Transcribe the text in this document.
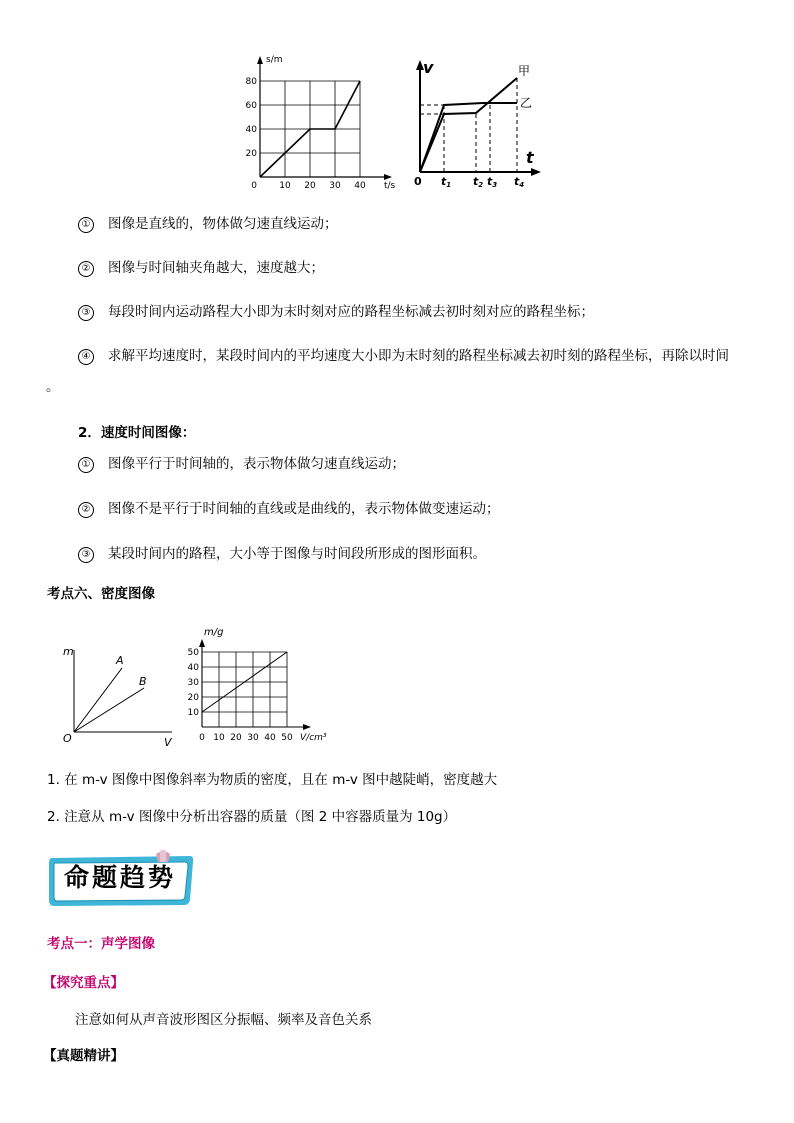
s/m
t/s
0
20
40
60
80
10 20 30 40
v
t
0
甲
乙
t1 t2 t3 t4
① 图像是直线的，物体做匀速直线运动；
② 图像与时间轴夹角越大，速度越大；
③ 每段时间内运动路程大小即为末时刻对应的路程坐标减去初时刻对应的路程坐标；
④ 求解平均速度时，某段时间内的平均速度大小即为末时刻的路程坐标减去初时刻的路程坐标，再除以时间
。
2．速度时间图像：
① 图像平行于时间轴的，表示物体做匀速直线运动；
② 图像不是平行于时间轴的直线或是曲线的，表示物体做变速运动；
③ 某段时间内的路程，大小等于图像与时间段所形成的图形面积。
考点六、密度图像
m
V
O
A
B
m/g
V/cm³
10
20
30
40
50
0 10 20 30 40 50
1. 在 m-v 图像中图像斜率为物质的密度，且在 m-v 图中越陡峭，密度越大
2. 注意从 m-v 图像中分析出容器的质量（图 2 中容器质量为 10g）
命题趋势
考点一：声学图像
【探究重点】
注意如何从声音波形图区分振幅、频率及音色关系
【真题精讲】
